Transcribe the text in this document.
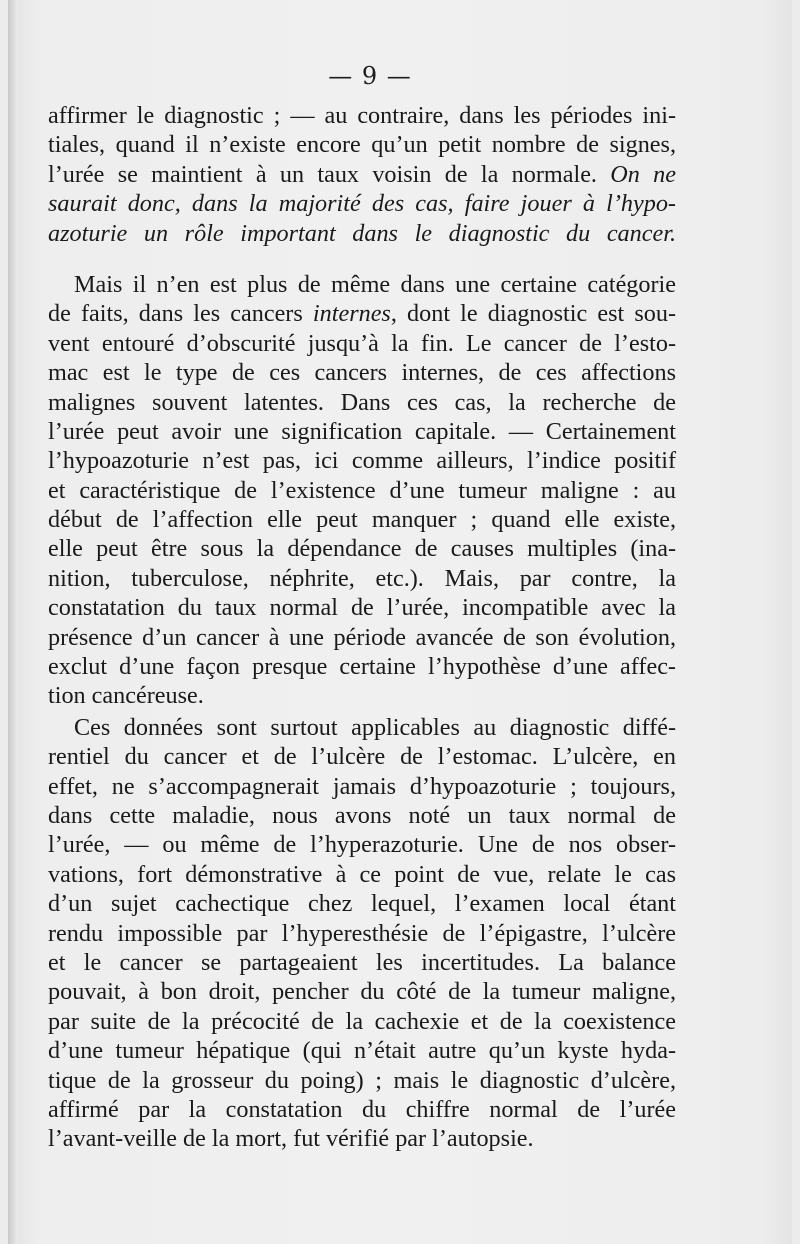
— 9 —
affirmer le diagnostic ; — au contraire, dans les périodes ini-
tiales, quand il n’existe encore qu’un petit nombre de signes,
l’urée se maintient à un taux voisin de la normale. On ne
saurait donc, dans la majorité des cas, faire jouer à l’hypo-
azoturie un rôle important dans le diagnostic du cancer.
Mais il n’en est plus de même dans une certaine catégorie
de faits, dans les cancers internes, dont le diagnostic est sou-
vent entouré d’obscurité jusqu’à la fin. Le cancer de l’esto-
mac est le type de ces cancers internes, de ces affections
malignes souvent latentes. Dans ces cas, la recherche de
l’urée peut avoir une signification capitale. — Certainement
l’hypoazoturie n’est pas, ici comme ailleurs, l’indice positif
et caractéristique de l’existence d’une tumeur maligne : au
début de l’affection elle peut manquer ; quand elle existe,
elle peut être sous la dépendance de causes multiples (ina-
nition, tuberculose, néphrite, etc.). Mais, par contre, la
constatation du taux normal de l’urée, incompatible avec la
présence d’un cancer à une période avancée de son évolution,
exclut d’une façon presque certaine l’hypothèse d’une affec-
tion cancéreuse.
Ces données sont surtout applicables au diagnostic diffé-
rentiel du cancer et de l’ulcère de l’estomac. L’ulcère, en
effet, ne s’accompagnerait jamais d’hypoazoturie ; toujours,
dans cette maladie, nous avons noté un taux normal de
l’urée, — ou même de l’hyperazoturie. Une de nos obser-
vations, fort démonstrative à ce point de vue, relate le cas
d’un sujet cachectique chez lequel, l’examen local étant
rendu impossible par l’hyperesthésie de l’épigastre, l’ulcère
et le cancer se partageaient les incertitudes. La balance
pouvait, à bon droit, pencher du côté de la tumeur maligne,
par suite de la précocité de la cachexie et de la coexistence
d’une tumeur hépatique (qui n’était autre qu’un kyste hyda-
tique de la grosseur du poing) ; mais le diagnostic d’ulcère,
affirmé par la constatation du chiffre normal de l’urée
l’avant-veille de la mort, fut vérifié par l’autopsie.
